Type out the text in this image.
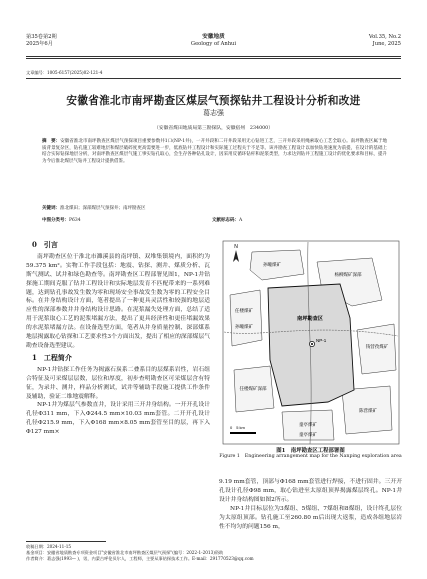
第35卷第2期
2025年6月
安徽地质
Geology of Anhui
Vol.35, No.2
June, 2025
文章编号：1005-6157(2025)02-121-4
安徽省淮北市南坪勘查区煤层气预探钻井工程设计分析和改进
葛志强
（安徽省煤田地质局第三勘探队，安徽宿州　234000）
摘　要：安徽省淮北市南坪勘查区煤层气预探项目重要参数井1口(NP-1井)，一开井段和二开井段采用无心钻进工艺，三开井段采用绳索取心工艺全取心。南坪勘查区属于地质背景复杂区，钻孔施工较难地层和煤层破碎度更高需要进一步，低底钻井工程设计和实际施工过程关于不足等。该井勘查工程设计以加快钻进速度为前提，在设计的基础上结合实际钻探地层分析，对南坪勘查区煤层气施工事实钻孔取心，会生存各种钻孔设计，因采用反循环钻杆和泥浆类型，力求达到钻井工程施工设计的优化要求和目标，提升为今后淮北煤层气钻井工程设计提供借鉴。
关键词：淮北煤田；深部煤层气预探井；南坪勘查区
中图分类号：P634	文献标志码：A
0　引言

南坪勘查区位于淮北市濉溪县的南坪镇、双堆集镇境内，面积约为59.375 km²。实物工作手段包括：地震、钻探、测井、煤质分析、瓦斯气测试、试井和绿色勘查等。南坪勘查区工程部署见图1，NP-1井钻探施工期间克服了钻井工程设计和实际地层发育不匹配带来的一系列难题，达到钻孔事故发生数为零和现场安全事故发生数为零的工程安全目标。在井身结构设计方面，笔者提出了一种更具灵活性和较强的地层适应性的深部参数井井身结构设计思路。在泥浆漏失处理方面，总结了适用于泥浆取心工艺的泥浆堵漏方法，提出了更具经济性和更佳堵漏效果的水泥浆堵漏方法。在设备选型方面，笔者从井身质量控制、深部煤系地层揭露取心钻探和工艺要求性3个方面出发，提出了相应的深部煤层气勘查设备选型建议。

1　工程简介

NP-1井钻探工作任务为揭露石炭系二叠系目的层煤系岩性，岩石组合特征及可采煤层层数，层位和厚度，初步查明勘查区可采煤层含有特征，为录井、测井，样品分析测试，试井等辅助手段施工提供工作条件及辅助，验证二维地震解释。

NP-1井为煤层气参数直井，设计采用三开井身结构。一开开孔设计孔径Φ311 mm，下入Φ244.5 mm×10.03 mm套管。二开开孔设计孔径Φ215.9 mm，下入Φ168 mm×8.05 mm套管至目的层，再下入Φ127 mm×

N
NP-1
孙疃煤矿
杨柳煤矿深部
任楼煤矿
孙疃煤矿
南坪勘查区
钱营孜煤矿
陈营煤矿
任楼煤矿深部
童亭煤矿
童亭煤矿
0　5 km
图1　南坪勘查区工程部署图
Figure 1　Engineering arrangement map for the Nanping exploration area

9.19 mm套管，顶部与Φ168 mm套管进行焊接，不进行固井。三开开孔设计孔径Φ98 mm，取心钻进至太原组顶界揭露煤层终孔。NP-1井设计井身结构图如图2所示。

NP-1井目标层位为3煤组、5煤组、7煤组和8煤组，设计终孔层位为太原组顶部。钻孔施工至260.80 m后出现大返浆，造成各组地层岩性不均匀的问题156 m，

收稿日期：2024-11-15
基金项目：安徽省地质勘查专项资金项目"安徽省淮北市南坪勘查区煤层气预探"(编号：2022-1-2013)资助
作者简介：葛志强(1993— )，男，内蒙古呼伦贝尔人，工程师，主要从事钻探技术工作。E-mail：291770523@qq.com
